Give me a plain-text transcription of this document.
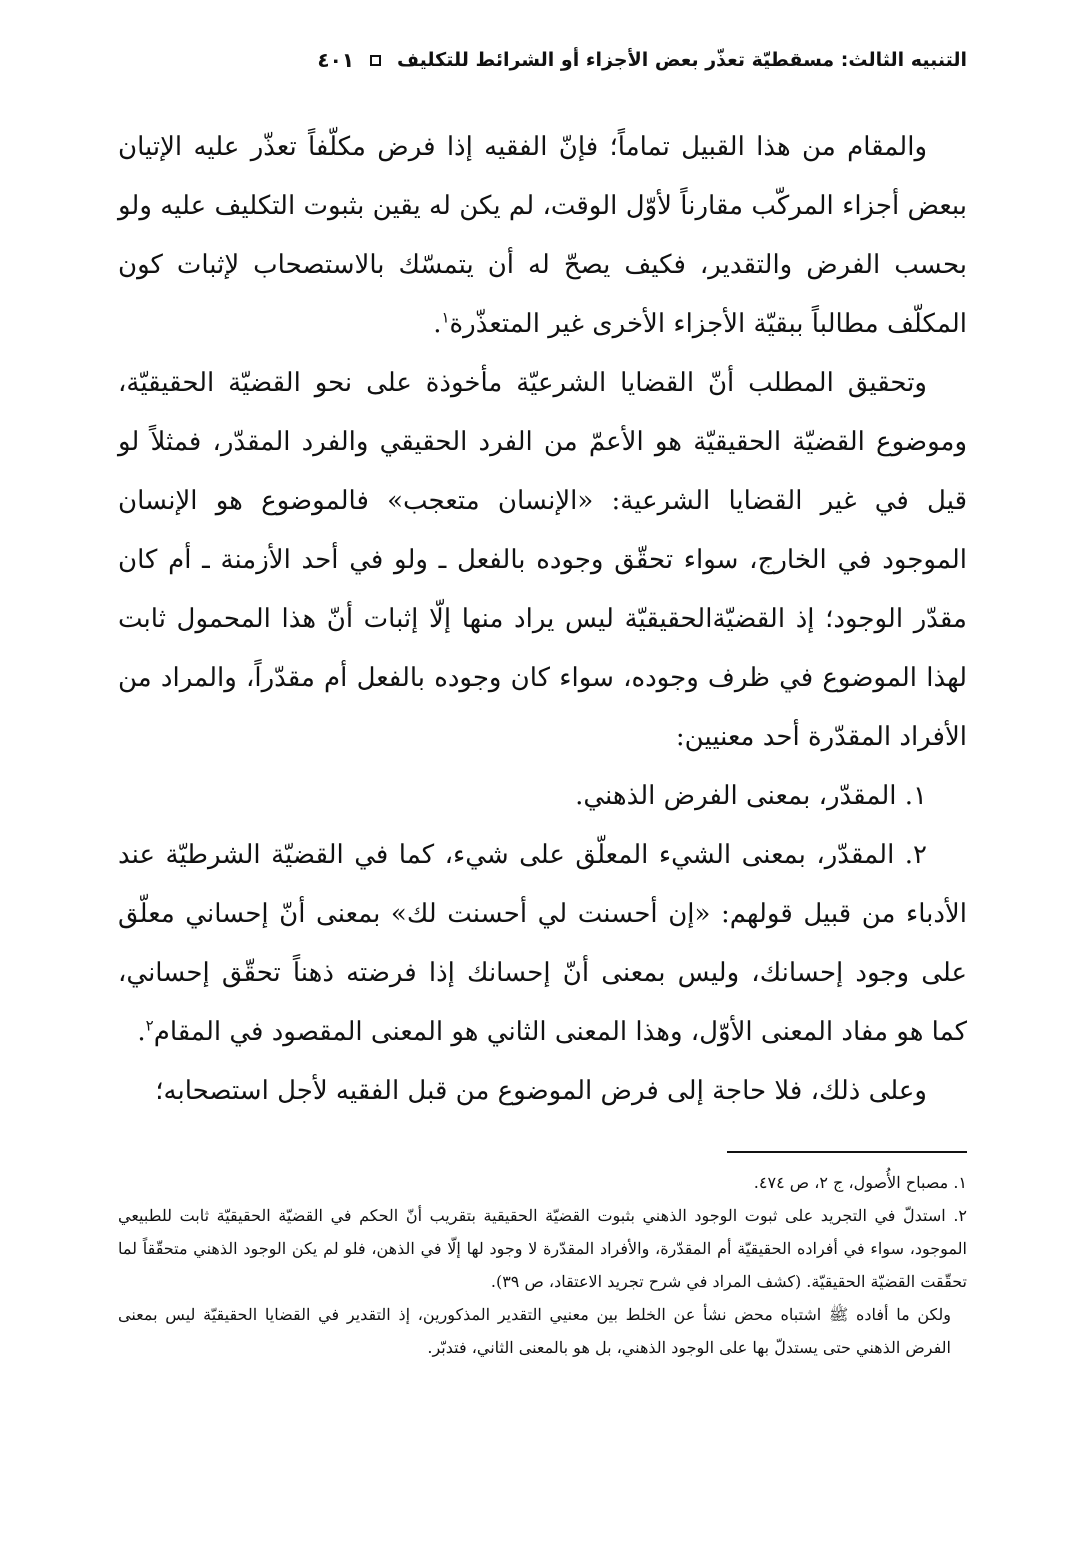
التنبيه الثالث: مسقطيّة تعذّر بعض الأجزاء أو الشرائط للتكليف
٤٠١

والمقام من هذا القبيل تماماً؛ فإنّ الفقيه إذا فرض مكلّفاً تعذّر عليه الإتيان ببعض أجزاء المركّب مقارناً لأوّل الوقت، لم يكن له يقين بثبوت التكليف عليه ولو بحسب الفرض والتقدير، فكيف يصحّ له أن يتمسّك بالاستصحاب لإثبات كون المكلّف مطالباً ببقيّة الأجزاء الأخرى غير المتعذّرة$^١$.

وتحقيق المطلب أنّ القضايا الشرعيّة مأخوذة على نحو القضيّة الحقيقيّة، وموضوع القضيّة الحقيقيّة هو الأعمّ من الفرد الحقيقي والفرد المقدّر، فمثلاً لو قيل في غير القضايا الشرعية: «الإنسان متعجب» فالموضوع هو الإنسان الموجود في الخارج، سواء تحقّق وجوده بالفعل ـ ولو في أحد الأزمنة ـ أم كان مقدّر الوجود؛ إذ القضيّةالحقيقيّة ليس يراد منها إلّا إثبات أنّ هذا المحمول ثابت لهذا الموضوع في ظرف وجوده، سواء كان وجوده بالفعل أم مقدّراً، والمراد من الأفراد المقدّرة أحد معنيين:

١. المقدّر، بمعنى الفرض الذهني.

٢. المقدّر، بمعنى الشيء المعلّق على شيء، كما في القضيّة الشرطيّة عند الأدباء من قبيل قولهم: «إن أحسنت لي أحسنت لك» بمعنى أنّ إحساني معلّق على وجود إحسانك، وليس بمعنى أنّ إحسانك إذا فرضته ذهناً تحقّق إحساني، كما هو مفاد المعنى الأوّل، وهذا المعنى الثاني هو المعنى المقصود في المقام$^٢$.

وعلى ذلك، فلا حاجة إلى فرض الموضوع من قبل الفقيه لأجل استصحابه؛

١. مصباح الأُصول، ج ٢، ص ٤٧٤.

٢. استدلّ في التجريد على ثبوت الوجود الذهني بثبوت القضيّة الحقيقية بتقريب أنّ الحكم في القضيّة الحقيقيّة ثابت للطبيعي الموجود، سواء في أفراده الحقيقيّة أم المقدّرة، والأفراد المقدّرة لا وجود لها إلّا في الذهن، فلو لم يكن الوجود الذهني متحقّقاً لما تحقّقت القضيّة الحقيقيّة. (كشف المراد في شرح تجريد الاعتقاد، ص ٣٩).

ولكن ما أفاده ﷺ اشتباه محض نشأ عن الخلط بين معنيي التقدير المذكورين، إذ التقدير في القضايا الحقيقيّة ليس بمعنى الفرض الذهني حتى يستدلّ بها على الوجود الذهني، بل هو بالمعنى الثاني، فتدبّر.
